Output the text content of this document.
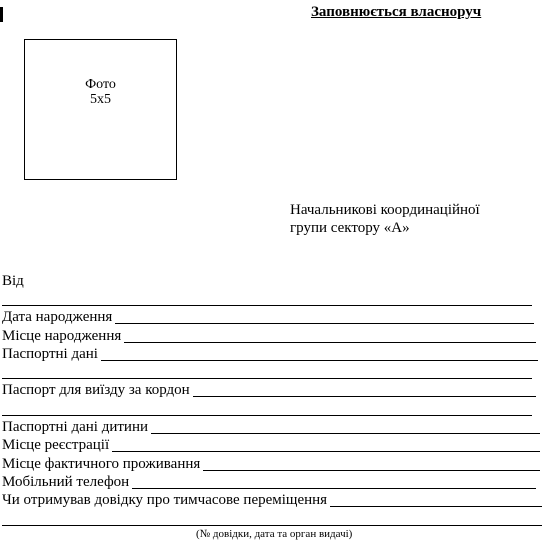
Заповнюється власноруч
Фото
5х5
Начальникові координаційної
групи сектору «А»
Від
Дата народження
Місце народження
Паспортні дані
Паспорт для виїзду за кордон
Паспортні дані дитини
Місце реєстрації
Місце фактичного проживання
Мобільний телефон
Чи отримував довідку про тимчасове переміщення
(№ довідки, дата та орган видачі)
